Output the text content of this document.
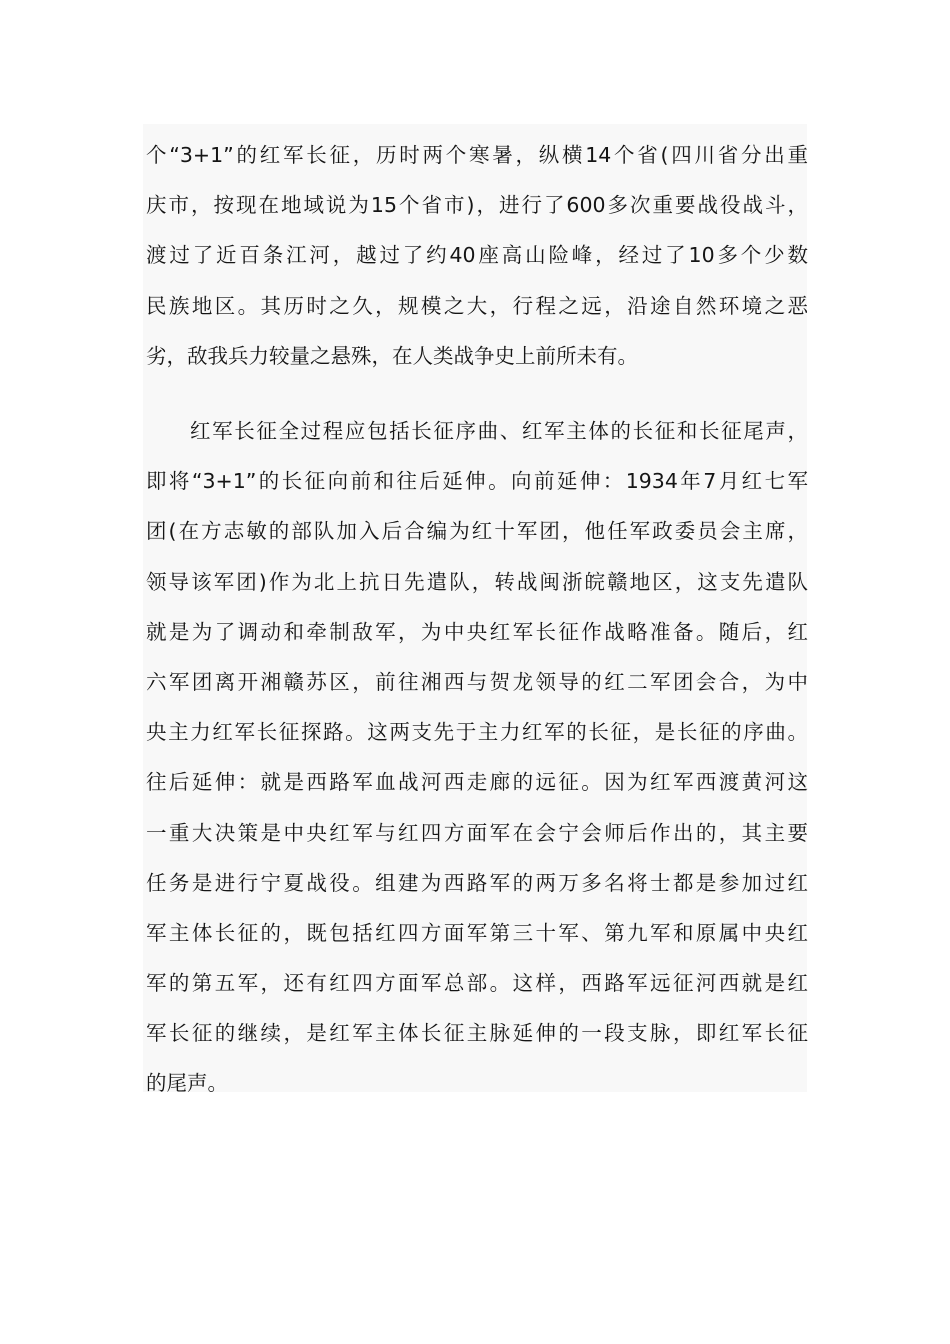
个“3+1”的红军长征，历时两个寒暑，纵横14个省(四川省分出重
庆市，按现在地域说为15个省市)，进行了600多次重要战役战斗，
渡过了近百条江河，越过了约40座高山险峰，经过了10多个少数
民族地区。其历时之久，规模之大，行程之远，沿途自然环境之恶
劣，敌我兵力较量之悬殊，在人类战争史上前所未有。
红军长征全过程应包括长征序曲、红军主体的长征和长征尾声，
即将“3+1”的长征向前和往后延伸。向前延伸：1934年7月红七军
团(在方志敏的部队加入后合编为红十军团，他任军政委员会主席，
领导该军团)作为北上抗日先遣队，转战闽浙皖赣地区，这支先遣队
就是为了调动和牵制敌军，为中央红军长征作战略准备。随后，红
六军团离开湘赣苏区，前往湘西与贺龙领导的红二军团会合，为中
央主力红军长征探路。这两支先于主力红军的长征，是长征的序曲。
往后延伸：就是西路军血战河西走廊的远征。因为红军西渡黄河这
一重大决策是中央红军与红四方面军在会宁会师后作出的，其主要
任务是进行宁夏战役。组建为西路军的两万多名将士都是参加过红
军主体长征的，既包括红四方面军第三十军、第九军和原属中央红
军的第五军，还有红四方面军总部。这样，西路军远征河西就是红
军长征的继续，是红军主体长征主脉延伸的一段支脉，即红军长征
的尾声。
